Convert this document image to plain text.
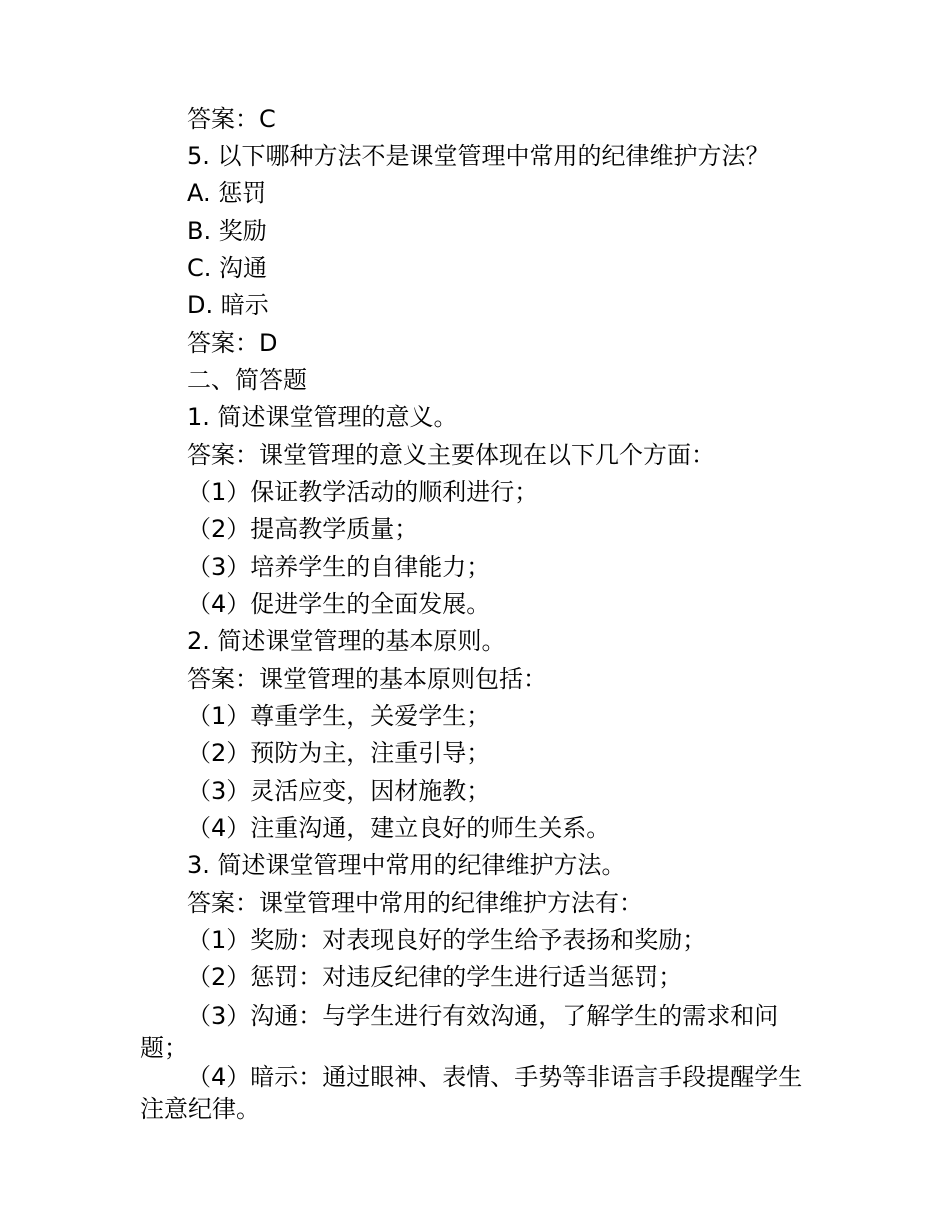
答案：C
5. 以下哪种方法不是课堂管理中常用的纪律维护方法？
A. 惩罚
B. 奖励
C. 沟通
D. 暗示
答案：D
二、简答题
1. 简述课堂管理的意义。
答案：课堂管理的意义主要体现在以下几个方面：
（1）保证教学活动的顺利进行；
（2）提高教学质量；
（3）培养学生的自律能力；
（4）促进学生的全面发展。
2. 简述课堂管理的基本原则。
答案：课堂管理的基本原则包括：
（1）尊重学生，关爱学生；
（2）预防为主，注重引导；
（3）灵活应变，因材施教；
（4）注重沟通，建立良好的师生关系。
3. 简述课堂管理中常用的纪律维护方法。
答案：课堂管理中常用的纪律维护方法有：
（1）奖励：对表现良好的学生给予表扬和奖励；
（2）惩罚：对违反纪律的学生进行适当惩罚；
（3）沟通：与学生进行有效沟通，了解学生的需求和问题；
（4）暗示：通过眼神、表情、手势等非语言手段提醒学生注意纪律。
